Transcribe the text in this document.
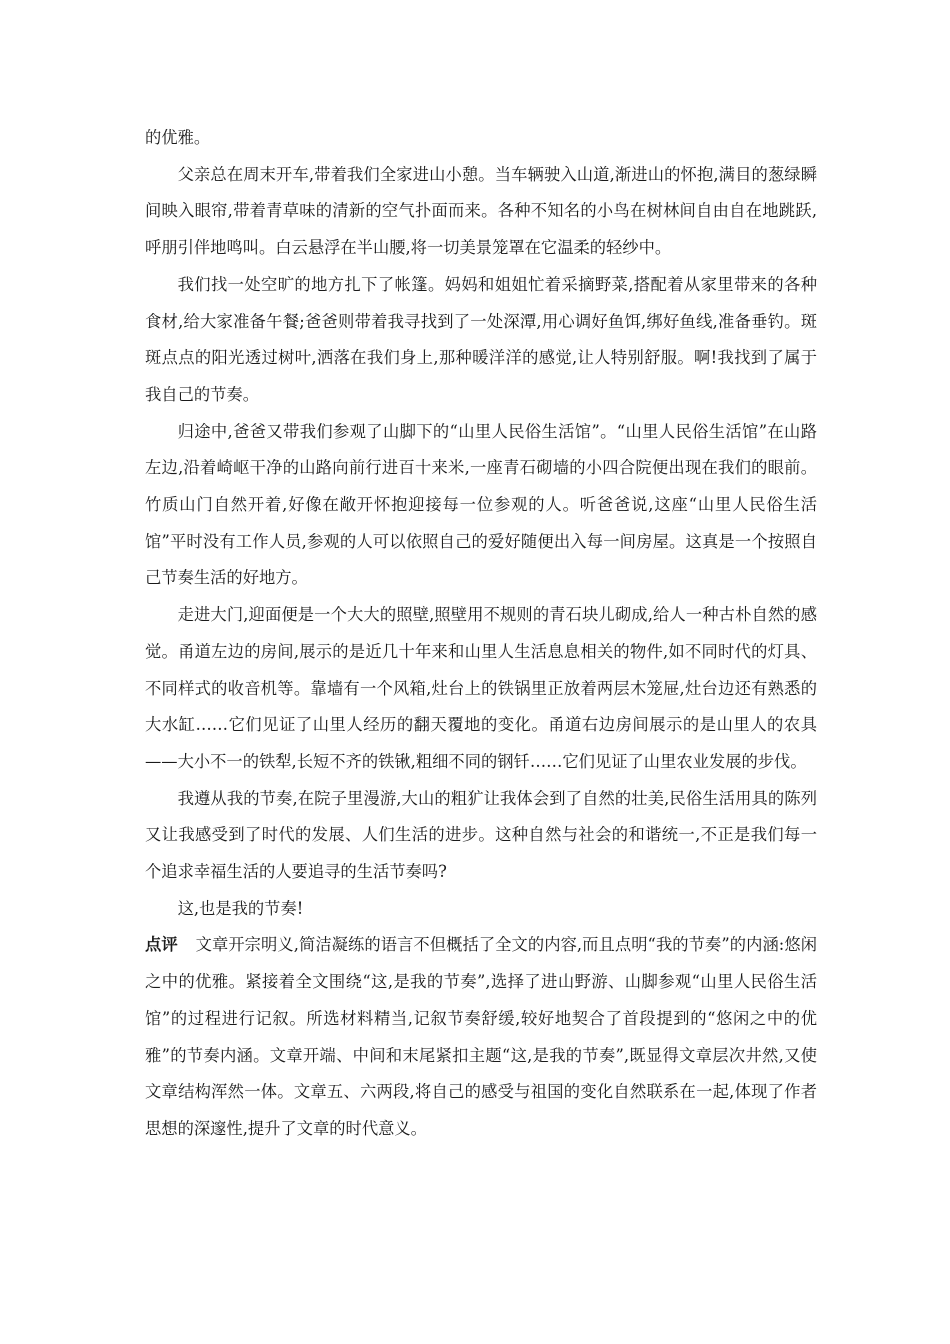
的优雅。

父亲总在周末开车,带着我们全家进山小憩。当车辆驶入山道,渐进山的怀抱,满目的葱绿瞬间映入眼帘,带着青草味的清新的空气扑面而来。各种不知名的小鸟在树林间自由自在地跳跃,呼朋引伴地鸣叫。白云悬浮在半山腰,将一切美景笼罩在它温柔的轻纱中。

我们找一处空旷的地方扎下了帐篷。妈妈和姐姐忙着采摘野菜,搭配着从家里带来的各种食材,给大家准备午餐;爸爸则带着我寻找到了一处深潭,用心调好鱼饵,绑好鱼线,准备垂钓。斑斑点点的阳光透过树叶,洒落在我们身上,那种暖洋洋的感觉,让人特别舒服。啊!我找到了属于我自己的节奏。

归途中,爸爸又带我们参观了山脚下的“山里人民俗生活馆”。“山里人民俗生活馆”在山路左边,沿着崎岖干净的山路向前行进百十来米,一座青石砌墙的小四合院便出现在我们的眼前。竹质山门自然开着,好像在敞开怀抱迎接每一位参观的人。听爸爸说,这座“山里人民俗生活馆”平时没有工作人员,参观的人可以依照自己的爱好随便出入每一间房屋。这真是一个按照自己节奏生活的好地方。

走进大门,迎面便是一个大大的照壁,照壁用不规则的青石块儿砌成,给人一种古朴自然的感觉。甬道左边的房间,展示的是近几十年来和山里人生活息息相关的物件,如不同时代的灯具、不同样式的收音机等。靠墙有一个风箱,灶台上的铁锅里正放着两层木笼屉,灶台边还有熟悉的大水缸……它们见证了山里人经历的翻天覆地的变化。甬道右边房间展示的是山里人的农具——大小不一的铁犁,长短不齐的铁锹,粗细不同的钢钎……它们见证了山里农业发展的步伐。

我遵从我的节奏,在院子里漫游,大山的粗犷让我体会到了自然的壮美,民俗生活用具的陈列又让我感受到了时代的发展、人们生活的进步。这种自然与社会的和谐统一,不正是我们每一个追求幸福生活的人要追寻的生活节奏吗?

这,也是我的节奏!

点评 文章开宗明义,简洁凝练的语言不但概括了全文的内容,而且点明“我的节奏”的内涵:悠闲之中的优雅。紧接着全文围绕“这,是我的节奏”,选择了进山野游、山脚参观“山里人民俗生活馆”的过程进行记叙。所选材料精当,记叙节奏舒缓,较好地契合了首段提到的“悠闲之中的优雅”的节奏内涵。文章开端、中间和末尾紧扣主题“这,是我的节奏”,既显得文章层次井然,又使文章结构浑然一体。文章五、六两段,将自己的感受与祖国的变化自然联系在一起,体现了作者思想的深邃性,提升了文章的时代意义。
